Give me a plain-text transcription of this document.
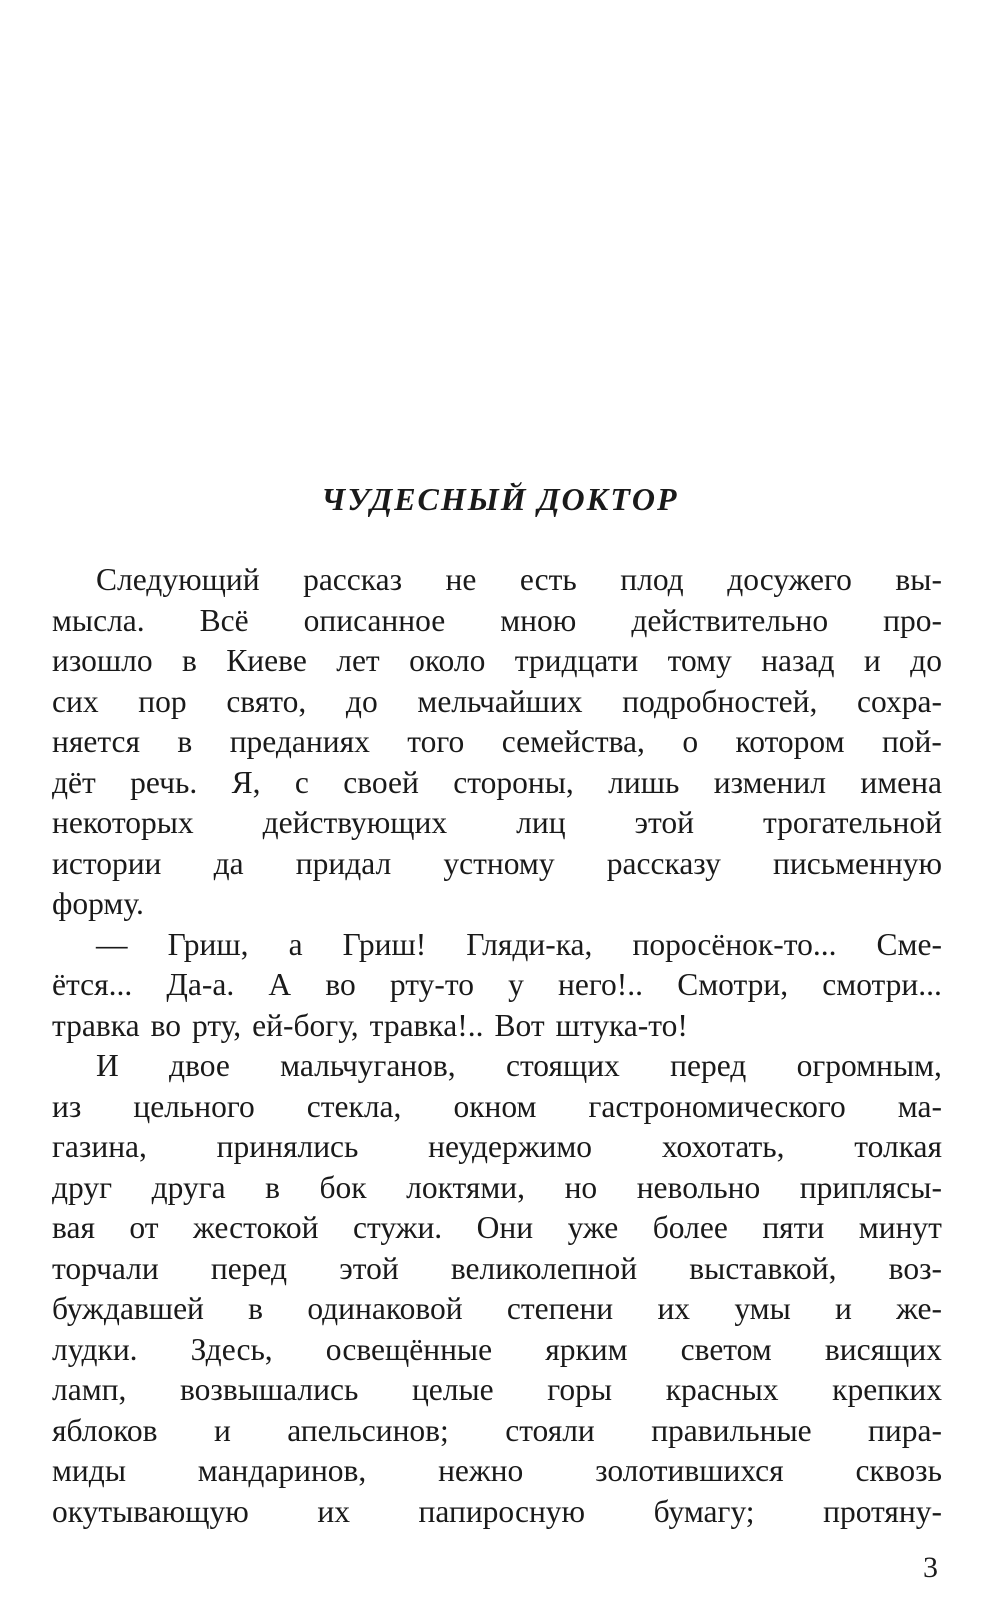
ЧУДЕСНЫЙ ДОКТОР
Следующий рассказ не есть плод досужего вы-
мысла. Всё описанное мною действительно про-
изошло в Киеве лет около тридцати тому назад и до
сих пор свято, до мельчайших подробностей, сохра-
няется в преданиях того семейства, о котором пой-
дёт речь. Я, с своей стороны, лишь изменил имена
некоторых действующих лиц этой трогательной
истории да придал устному рассказу письменную
форму.
— Гриш, а Гриш! Гляди-ка, поросёнок-то... Сме-
ётся... Да-а. А во рту-то у него!.. Смотри, смотри...
травка во рту, ей-богу, травка!.. Вот штука-то!
И двое мальчуганов, стоящих перед огромным,
из цельного стекла, окном гастрономического ма-
газина, принялись неудержимо хохотать, толкая
друг друга в бок локтями, но невольно приплясы-
вая от жестокой стужи. Они уже более пяти минут
торчали перед этой великолепной выставкой, воз-
буждавшей в одинаковой степени их умы и же-
лудки. Здесь, освещённые ярким светом висящих
ламп, возвышались целые горы красных крепких
яблоков и апельсинов; стояли правильные пира-
миды мандаринов, нежно золотившихся сквозь
окутывающую их папиросную бумагу; протяну-
3
